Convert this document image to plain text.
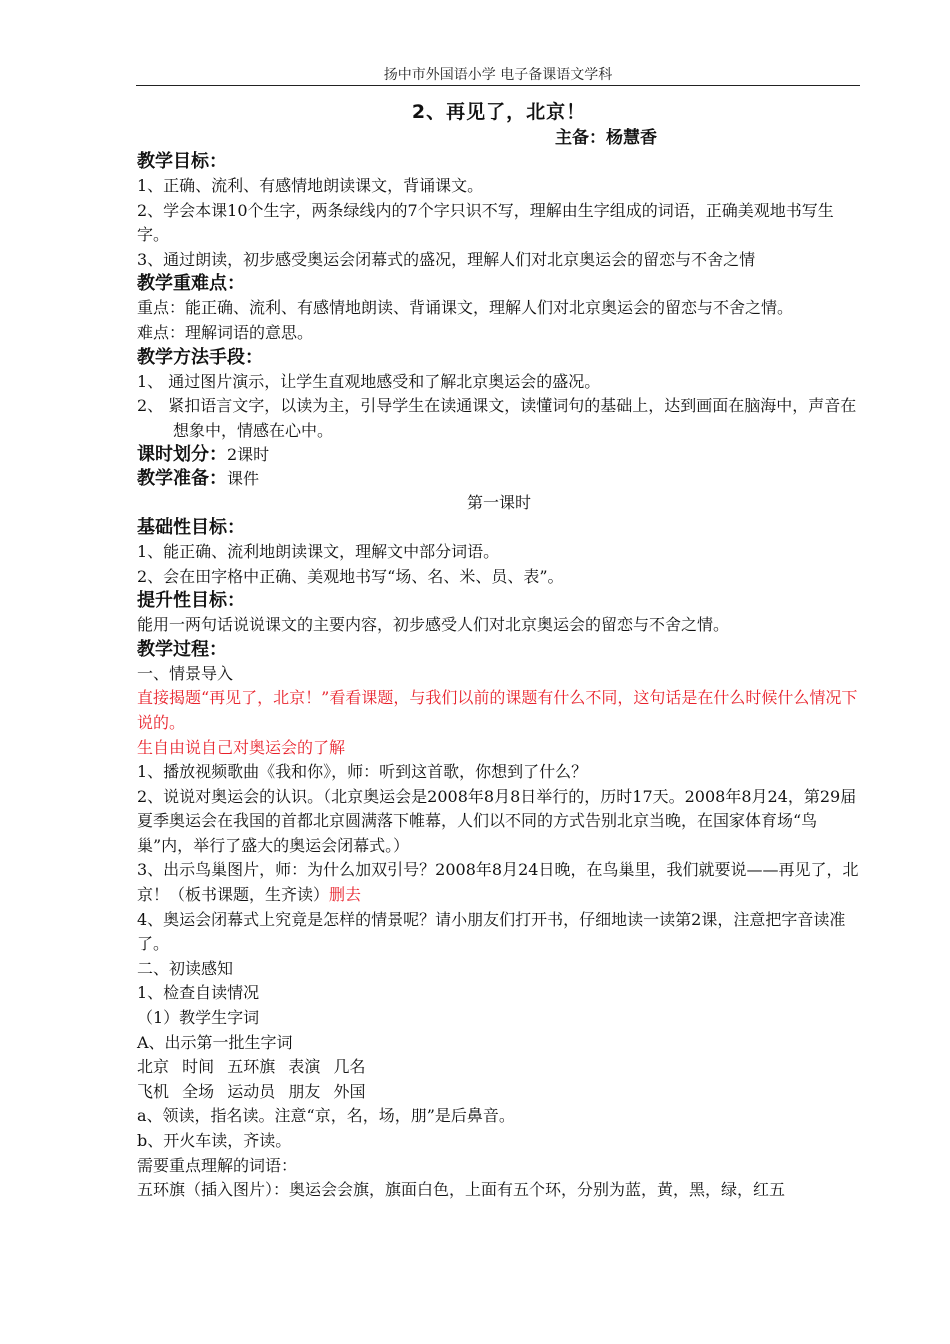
扬中市外国语小学 电子备课语文学科
2、再见了，北京！
主备：杨慧香
教学目标：
1、正确、流利、有感情地朗读课文，背诵课文。
2、学会本课10个生字，两条绿线内的7个字只识不写，理解由生字组成的词语，正确美观地书写生字。
3、通过朗读，初步感受奥运会闭幕式的盛况，理解人们对北京奥运会的留恋与不舍之情
教学重难点：
重点：能正确、流利、有感情地朗读、背诵课文，理解人们对北京奥运会的留恋与不舍之情。
难点：理解词语的意思。
教学方法手段：
1、 通过图片演示，让学生直观地感受和了解北京奥运会的盛况。
2、 紧扣语言文字，以读为主，引导学生在读通课文，读懂词句的基础上，达到画面在脑海中，声音在想象中，情感在心中。
课时划分：2课时
教学准备：课件
第一课时
基础性目标：
1、能正确、流利地朗读课文，理解文中部分词语。
2、会在田字格中正确、美观地书写“场、名、米、员、表”。
提升性目标：
能用一两句话说说课文的主要内容，初步感受人们对北京奥运会的留恋与不舍之情。
教学过程：
一、情景导入
直接揭题“再见了，北京！”看看课题，与我们以前的课题有什么不同，这句话是在什么时候什么情况下说的。
生自由说自己对奥运会的了解
1、播放视频歌曲《我和你》，师：听到这首歌，你想到了什么？
2、说说对奥运会的认识。（北京奥运会是2008年8月8日举行的，历时17天。2008年8月24，第29届夏季奥运会在我国的首都北京圆满落下帷幕，人们以不同的方式告别北京当晚，在国家体育场“鸟巢”内，举行了盛大的奥运会闭幕式。）
3、出示鸟巢图片，师：为什么加双引号？2008年8月24日晚，在鸟巢里，我们就要说——再见了，北京！（板书课题，生齐读）删去
4、奥运会闭幕式上究竟是怎样的情景呢？请小朋友们打开书，仔细地读一读第2课，注意把字音读准了。
二、初读感知
1、检查自读情况
（1）教学生字词
A、出示第一批生字词
北京 时间 五环旗 表演 几名
飞机 全场 运动员 朋友 外国
a、领读，指名读。注意“京，名，场，朋”是后鼻音。
b、开火车读，齐读。
需要重点理解的词语：
五环旗（插入图片）：奥运会会旗，旗面白色，上面有五个环，分别为蓝，黄，黑，绿，红五
